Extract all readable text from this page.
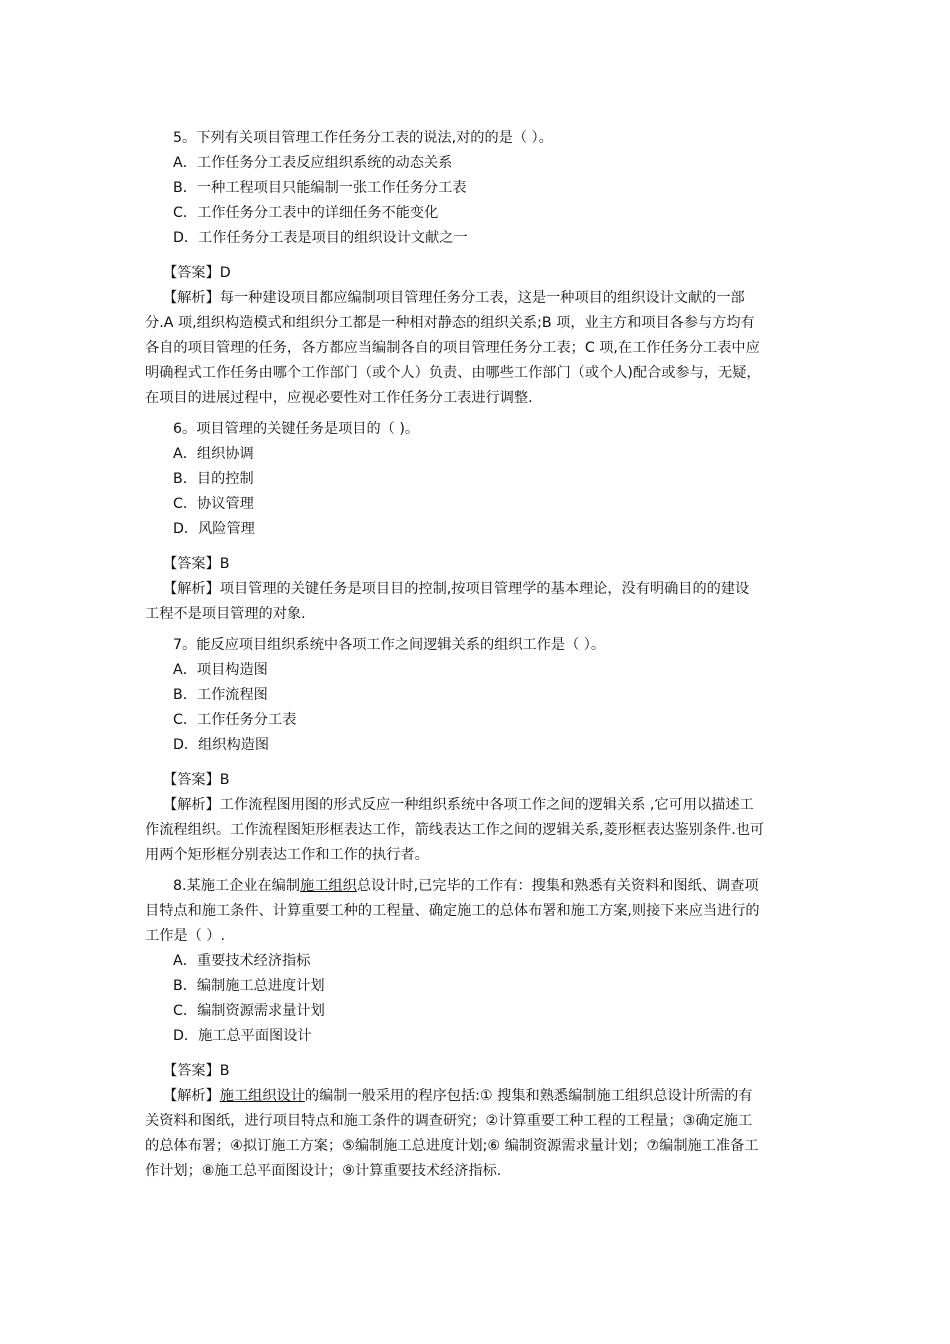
5。下列有关项目管理工作任务分工表的说法,对的的是（ ）。
A．工作任务分工表反应组织系统的动态关系
B．一种工程项目只能编制一张工作任务分工表
C．工作任务分工表中的详细任务不能变化
D．工作任务分工表是项目的组织设计文献之一
【答案】D
【解析】每一种建设项目都应编制项目管理任务分工表，这是一种项目的组织设计文献的一部
分.A 项,组织构造模式和组织分工都是一种相对静态的组织关系;B 项，业主方和项目各参与方均有
各自的项目管理的任务，各方都应当编制各自的项目管理任务分工表；C 项,在工作任务分工表中应
明确程式工作任务由哪个工作部门（或个人）负责、由哪些工作部门（或个人)配合或参与，无疑，
在项目的进展过程中，应视必要性对工作任务分工表进行调整.
6。项目管理的关键任务是项目的（ )。
A．组织协调
B．目的控制
C．协议管理
D．风险管理
【答案】B
【解析】项目管理的关键任务是项目目的控制,按项目管理学的基本理论，没有明确目的的建设
工程不是项目管理的对象.
7。能反应项目组织系统中各项工作之间逻辑关系的组织工作是（ ）。
A．项目构造图
B．工作流程图
C．工作任务分工表
D．组织构造图
【答案】B
【解析】工作流程图用图的形式反应一种组织系统中各项工作之间的逻辑关系 ,它可用以描述工
作流程组织。工作流程图矩形框表达工作，箭线表达工作之间的逻辑关系,菱形框表达鉴别条件.也可
用两个矩形框分别表达工作和工作的执行者。
8.某施工企业在编制施工组织总设计时,已完毕的工作有：搜集和熟悉有关资料和图纸、调查项
目特点和施工条件、计算重要工种的工程量、确定施工的总体布署和施工方案,则接下来应当进行的
工作是（ ）.
A．重要技术经济指标
B．编制施工总进度计划
C．编制资源需求量计划
D．施工总平面图设计
【答案】B
【解析】施工组织设计的编制一般采用的程序包括:① 搜集和熟悉编制施工组织总设计所需的有
关资料和图纸，进行项目特点和施工条件的调查研究；②计算重要工种工程的工程量；③确定施工
的总体布署；④拟订施工方案；⑤编制施工总进度计划;⑥ 编制资源需求量计划；⑦编制施工准备工
作计划；⑧施工总平面图设计；⑨计算重要技术经济指标.
